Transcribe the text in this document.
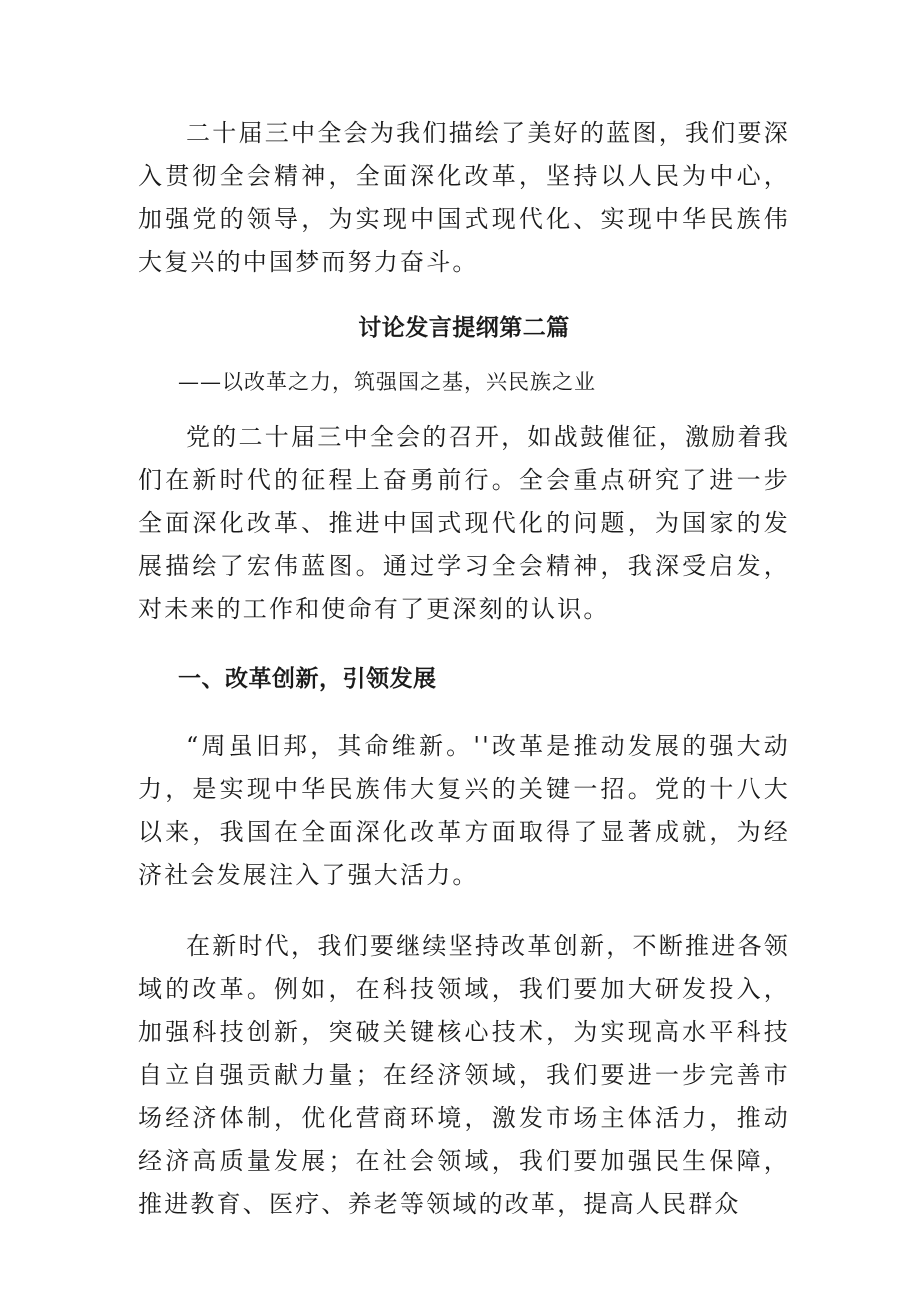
二十届三中全会为我们描绘了美好的蓝图，我们要深入贯彻全会精神，全面深化改革，坚持以人民为中心，加强党的领导，为实现中国式现代化、实现中华民族伟大复兴的中国梦而努力奋斗。

讨论发言提纲第二篇

——以改革之力，筑强国之基，兴民族之业

党的二十届三中全会的召开，如战鼓催征，激励着我们在新时代的征程上奋勇前行。全会重点研究了进一步全面深化改革、推进中国式现代化的问题，为国家的发展描绘了宏伟蓝图。通过学习全会精神，我深受启发，对未来的工作和使命有了更深刻的认识。

一、改革创新，引领发展

“周虽旧邦，其命维新。''改革是推动发展的强大动力，是实现中华民族伟大复兴的关键一招。党的十八大以来，我国在全面深化改革方面取得了显著成就，为经济社会发展注入了强大活力。

在新时代，我们要继续坚持改革创新，不断推进各领域的改革。例如，在科技领域，我们要加大研发投入，加强科技创新，突破关键核心技术，为实现高水平科技自立自强贡献力量；在经济领域，我们要进一步完善市场经济体制，优化营商环境，激发市场主体活力，推动经济高质量发展；在社会领域，我们要加强民生保障，推进教育、医疗、养老等领域的改革，提高人民群众
